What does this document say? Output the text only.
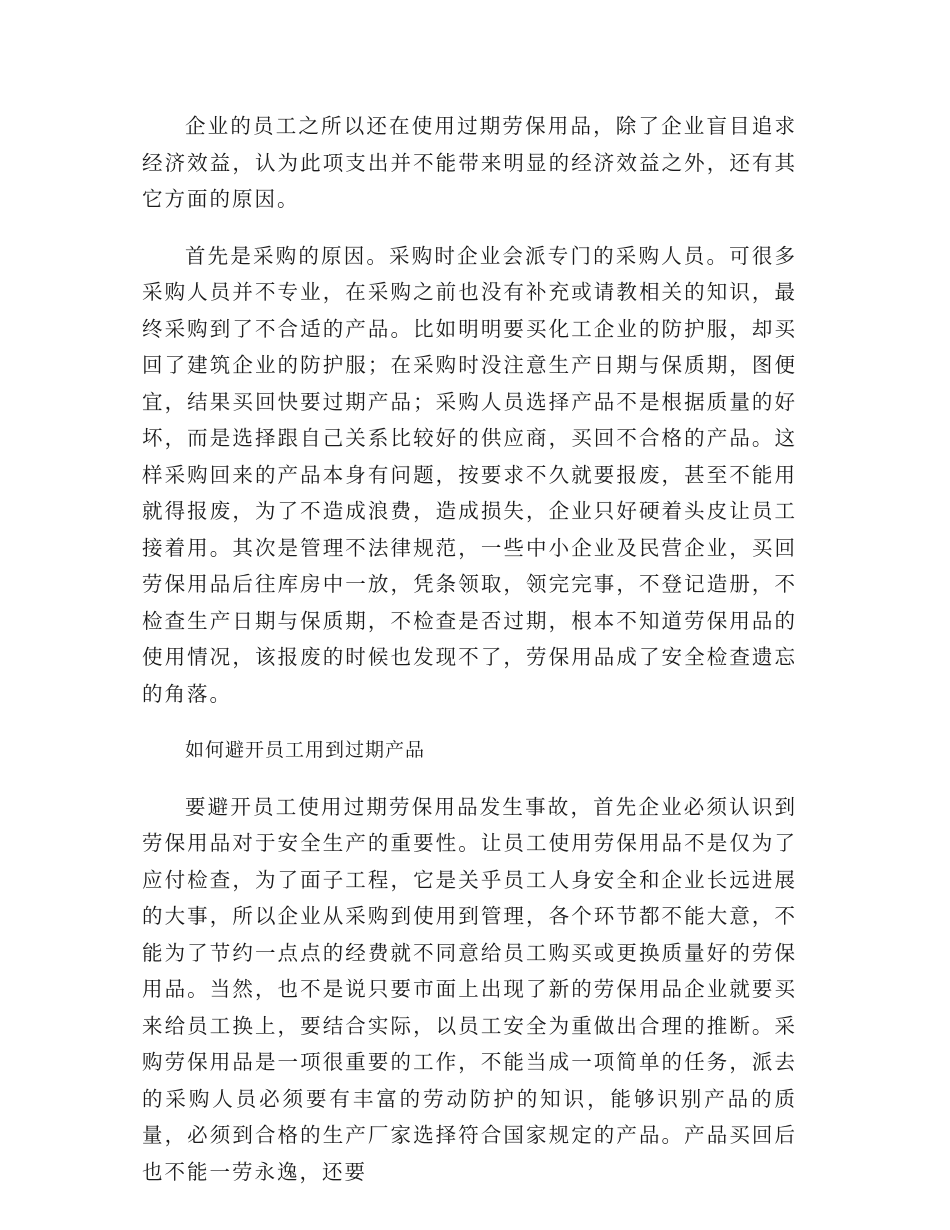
企业的员工之所以还在使用过期劳保用品，除了企业盲目追求经济效益，认为此项支出并不能带来明显的经济效益之外，还有其它方面的原因。

首先是采购的原因。采购时企业会派专门的采购人员。可很多采购人员并不专业，在采购之前也没有补充或请教相关的知识，最终采购到了不合适的产品。比如明明要买化工企业的防护服，却买回了建筑企业的防护服；在采购时没注意生产日期与保质期，图便宜，结果买回快要过期产品；采购人员选择产品不是根据质量的好坏，而是选择跟自己关系比较好的供应商，买回不合格的产品。这样采购回来的产品本身有问题，按要求不久就要报废，甚至不能用就得报废，为了不造成浪费，造成损失，企业只好硬着头皮让员工接着用。其次是管理不法律规范，一些中小企业及民营企业，买回劳保用品后往库房中一放，凭条领取，领完完事，不登记造册，不检查生产日期与保质期，不检查是否过期，根本不知道劳保用品的使用情况，该报废的时候也发现不了，劳保用品成了安全检查遗忘的角落。

如何避开员工用到过期产品

要避开员工使用过期劳保用品发生事故，首先企业必须认识到劳保用品对于安全生产的重要性。让员工使用劳保用品不是仅为了应付检查，为了面子工程，它是关乎员工人身安全和企业长远进展的大事，所以企业从采购到使用到管理，各个环节都不能大意，不能为了节约一点点的经费就不同意给员工购买或更换质量好的劳保用品。当然，也不是说只要市面上出现了新的劳保用品企业就要买来给员工换上，要结合实际，以员工安全为重做出合理的推断。采购劳保用品是一项很重要的工作，不能当成一项简单的任务，派去的采购人员必须要有丰富的劳动防护的知识，能够识别产品的质量，必须到合格的生产厂家选择符合国家规定的产品。产品买回后也不能一劳永逸，还要
